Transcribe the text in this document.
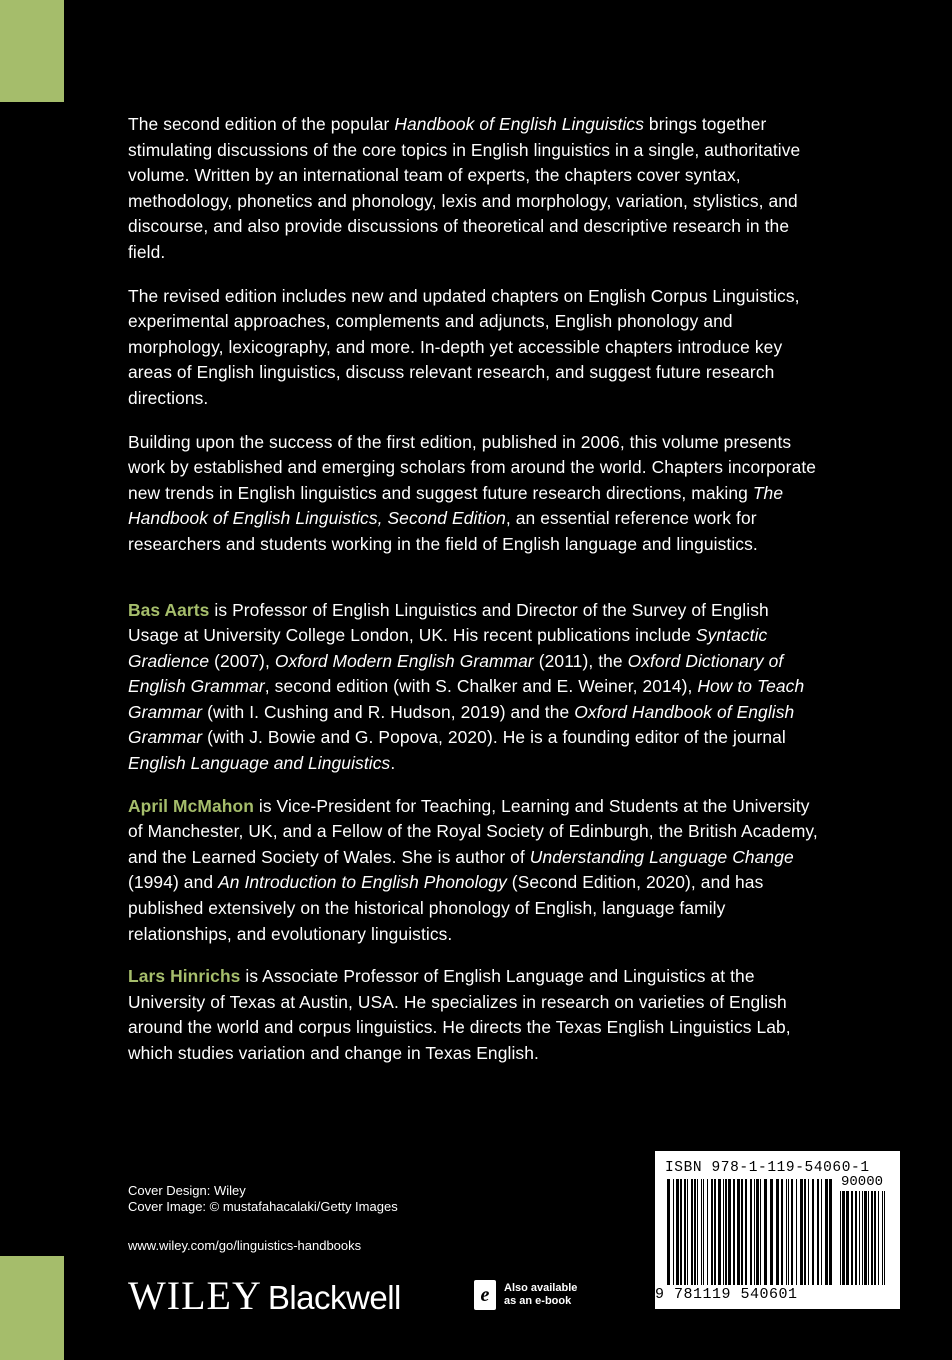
The second edition of the popular Handbook of English Linguistics brings together stimulating discussions of the core topics in English linguistics in a single, authoritative volume. Written by an international team of experts, the chapters cover syntax, methodology, phonetics and phonology, lexis and morphology, variation, stylistics, and discourse, and also provide discussions of theoretical and descriptive research in the field.

The revised edition includes new and updated chapters on English Corpus Linguistics, experimental approaches, complements and adjuncts, English phonology and morphology, lexicography, and more. In-depth yet accessible chapters introduce key areas of English linguistics, discuss relevant research, and suggest future research directions.

Building upon the success of the first edition, published in 2006, this volume presents work by established and emerging scholars from around the world. Chapters incorporate new trends in English linguistics and suggest future research directions, making The Handbook of English Linguistics, Second Edition, an essential reference work for researchers and students working in the field of English language and linguistics.

Bas Aarts is Professor of English Linguistics and Director of the Survey of English Usage at University College London, UK. His recent publications include Syntactic Gradience (2007), Oxford Modern English Grammar (2011), the Oxford Dictionary of English Grammar, second edition (with S. Chalker and E. Weiner, 2014), How to Teach Grammar (with I. Cushing and R. Hudson, 2019) and the Oxford Handbook of English Grammar (with J. Bowie and G. Popova, 2020). He is a founding editor of the journal English Language and Linguistics.

April McMahon is Vice-President for Teaching, Learning and Students at the University of Manchester, UK, and a Fellow of the Royal Society of Edinburgh, the British Academy, and the Learned Society of Wales. She is author of Understanding Language Change (1994) and An Introduction to English Phonology (Second Edition, 2020), and has published extensively on the historical phonology of English, language family relationships, and evolutionary linguistics.

Lars Hinrichs is Associate Professor of English Language and Linguistics at the University of Texas at Austin, USA. He specializes in research on varieties of English around the world and corpus linguistics. He directs the Texas English Linguistics Lab, which studies variation and change in Texas English.

Cover Design: Wiley
Cover Image: © mustafahacalaki/Getty Images
www.wiley.com/go/linguistics-handbooks
WILEY Blackwell	e Also available
as an e-book
ISBN 978-1-119-54060-1
90000
9 781119 540601
